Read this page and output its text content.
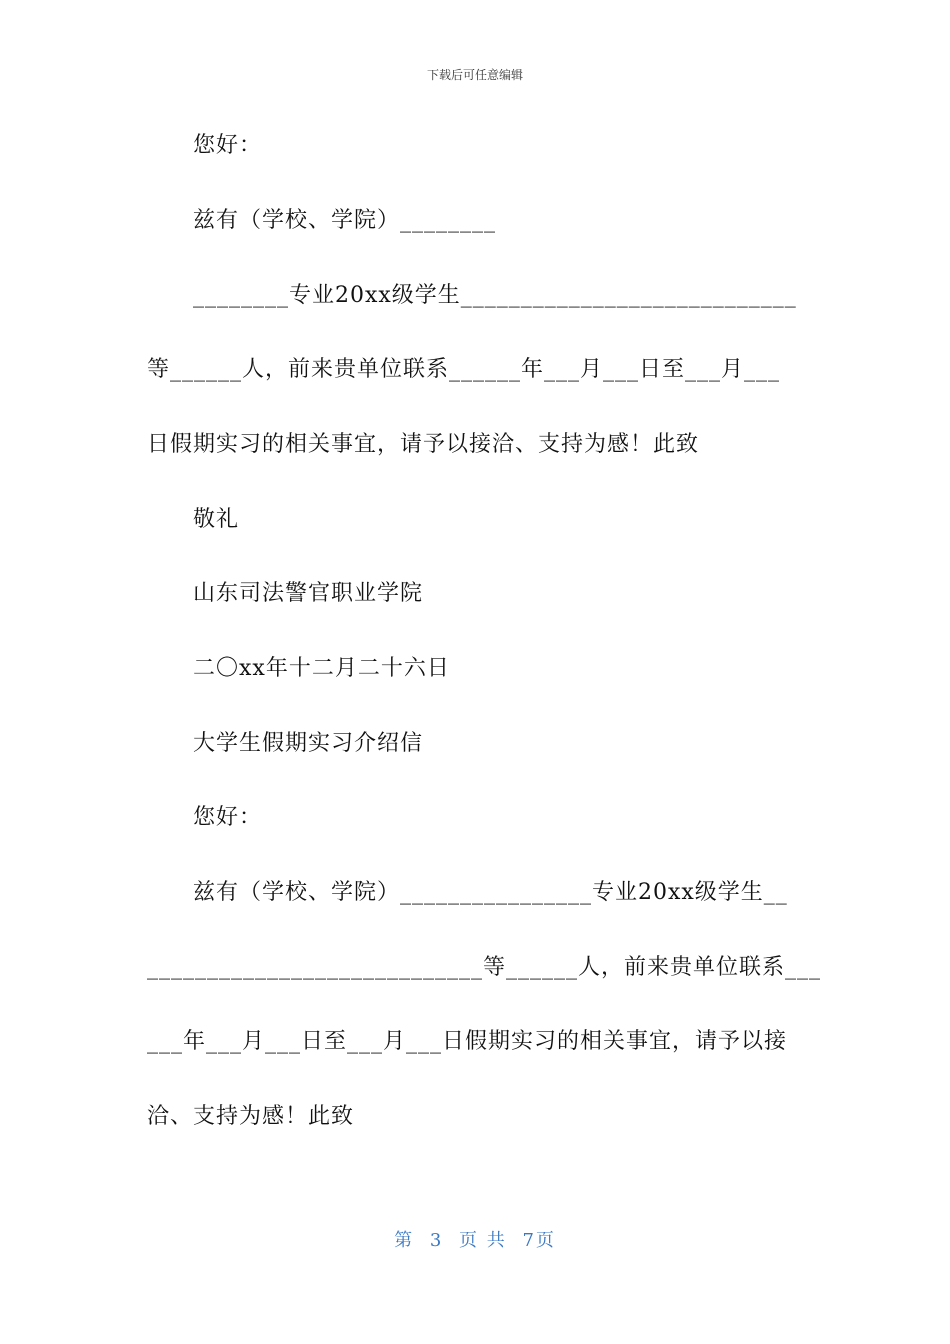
下载后可任意编辑
您好：
兹有（学校、学院）________
________专业20xx级学生____________________________
等______人，前来贵单位联系______年___月___日至___月___
日假期实习的相关事宜，请予以接洽、支持为感！此致
敬礼
山东司法警官职业学院
二〇xx年十二月二十六日
大学生假期实习介绍信
您好：
兹有（学校、学院）________________专业20xx级学生__
____________________________等______人，前来贵单位联系___
___年___月___日至___月___日假期实习的相关事宜，请予以接
洽、支持为感！此致
第 3 页 共 7页
